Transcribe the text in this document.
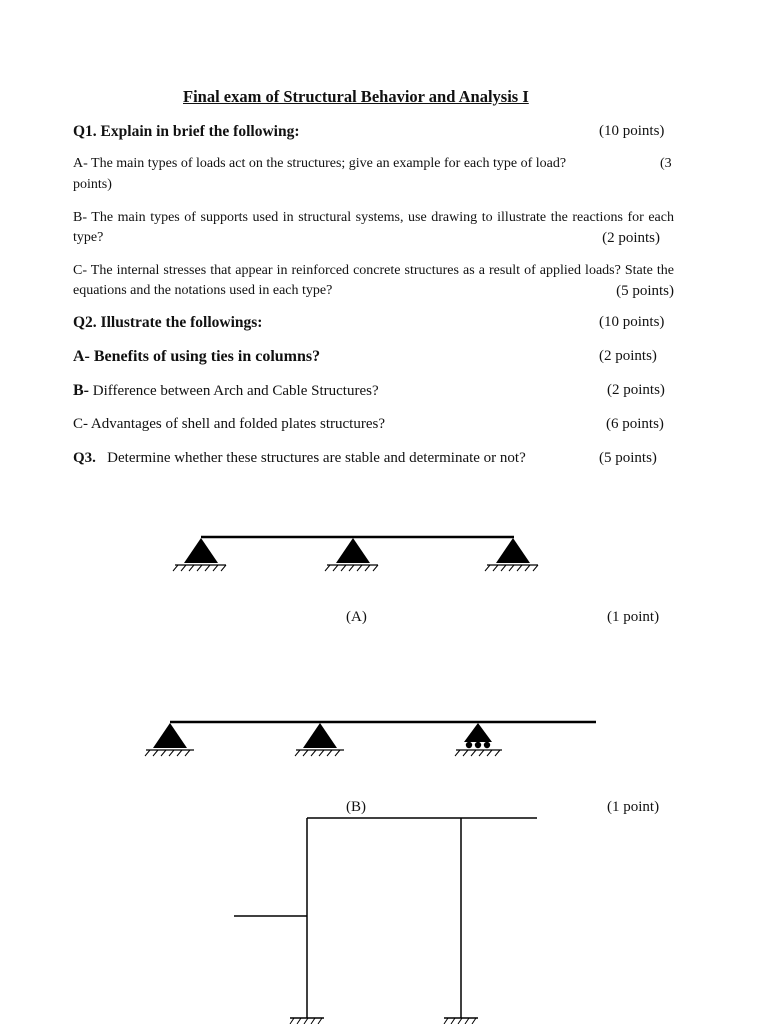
Final exam of Structural Behavior and Analysis I
Q1. Explain in brief the following:	(10 points)
A- The main types of loads act on the structures; give an example for each type of load?	(3
points)

B- The main types of supports used in structural systems, use drawing to illustrate the reactions for each type?	(2 points)

C- The internal stresses that appear in reinforced concrete structures as a result of applied loads? State the equations and the notations used in each type?	(5 points)

Q2. Illustrate the followings:	(10 points)
A- Benefits of using ties in columns?	(2 points)
B- Difference between Arch and Cable Structures?	(2 points)
C- Advantages of shell and folded plates structures?	(6 points)
Q3. Determine whether these structures are stable and determinate or not?	(5 points)
(A)	(1 point)
(B)	(1 point)
